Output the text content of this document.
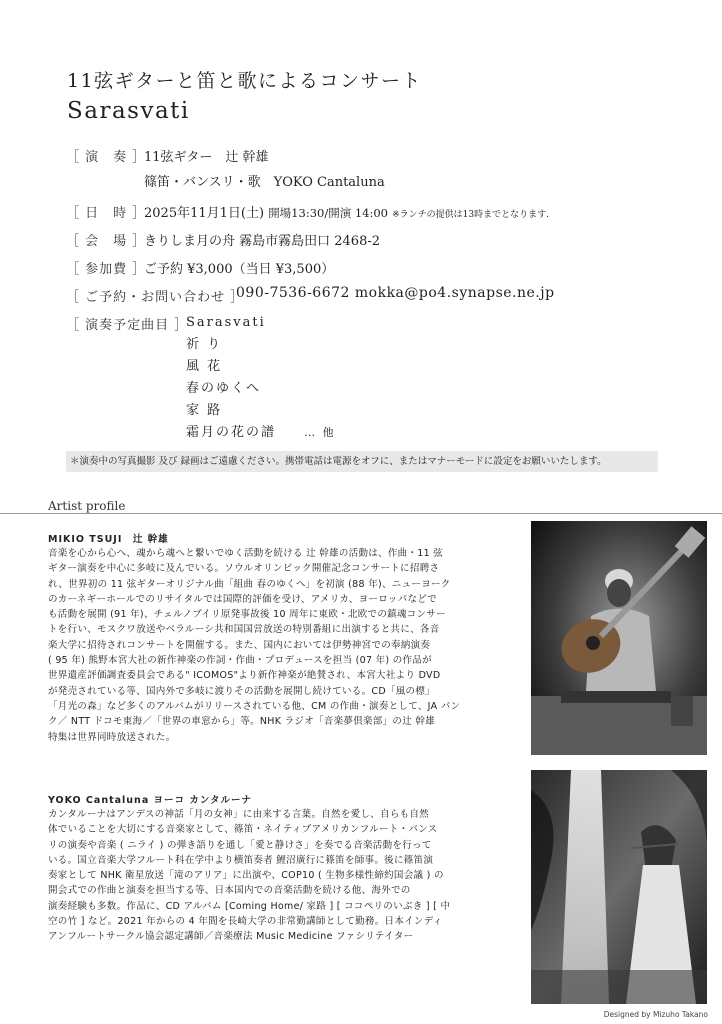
11弦ギターと笛と歌によるコンサート
Sarasvati
［ 演　奏 ］
11弦ギター　辻 幹雄
篠笛・バンスリ・歌　YOKO Cantaluna
［ 日　時 ］
2025年11月1日(土) 開場13:30/開演 14:00 ※ランチの提供は13時までとなります.
［ 会　場 ］
きりしま月の舟 霧島市霧島田口 2468-2
［ 参加費 ］
ご予約 ¥3,000（当日 ¥3,500）
［ ご予約・お問い合わせ ］
090-7536-6672 mokka@po4.synapse.ne.jp
［ 演奏予定曲目 ］
Sarasvati
祈 り
風 花
春のゆくへ
家 路
霜月の花の譜	… 他
＊演奏中の写真撮影 及び 録画はご遠慮ください。携帯電話は電源をオフに、またはマナーモードに設定をお願いいたします。
Artist profile
MIKIO TSUJI　辻 幹雄
音楽を心から心へ、魂から魂へと繋いでゆく活動を続ける 辻 幹雄の活動は、作曲・11 弦
ギター演奏を中心に多岐に及んでいる。ソウルオリンピック開催記念コンサートに招聘さ
れ、世界初の 11 弦ギターオリジナル曲「組曲 春のゆくへ」を初演 (88 年)、ニューヨーク
のカーネギーホールでのリサイタルでは国際的評価を受け、アメリカ、ヨーロッパなどで
も活動を展開 (91 年)、チェルノブイリ原発事故後 10 周年に東欧・北欧での鎮魂コンサー
トを行い、モスクワ放送やベラルーシ共和国国営放送の特別番組に出演すると共に、各音
楽大学に招待されコンサートを開催する。また、国内においては伊勢神宮での奉納演奏
( 95 年) 熊野本宮大社の新作神楽の作詞・作曲・プロデュースを担当 (07 年) の作品が
世界遺産評価調査委員会である" ICOMOS"より新作神楽が絶賛され、本宮大社より DVD
が発売されている等、国内外で多岐に渡りその活動を展開し続けている。CD「風の標」
「月光の森」など多くのアルバムがリリースされている他、CM の作曲・演奏として、JA バン
ク／ NTT ドコモ東海／「世界の車窓から」等。NHK ラジオ「音楽夢倶楽部」の辻 幹雄
特集は世界同時放送された。
YOKO Cantaluna ヨーコ カンタルーナ
カンタルーナはアンデスの神話「月の女神」に由来する言葉。自然を愛し、自らも自然
体でいることを大切にする音楽家として、篠笛・ネイティブアメリカンフルート・バンス
リの演奏や音楽 ( ニライ ) の弾き語りを通し「愛と静けさ」を奏でる音楽活動を行って
いる。国立音楽大学フルート科在学中より横笛奏者 鯉沼廣行に篠笛を師事。後に篠笛演
奏家として NHK 衛星放送「滝のアリア」に出演や、COP10 ( 生物多様性締約国会議 ) の
開会式での作曲と演奏を担当する等、日本国内での音楽活動を続ける他、海外での
演奏経験も多数。作品に、CD アルバム [Coming Home/ 家路 ] [ ココペリのいぶき ] [ 中
空の竹 ] など。2021 年からの 4 年間を長崎大学の非常勤講師として勤務。日本インディ
アンフルートサークル協会認定講師／音楽療法 Music Medicine ファシリテイター
Designed by Mizuho Takano
